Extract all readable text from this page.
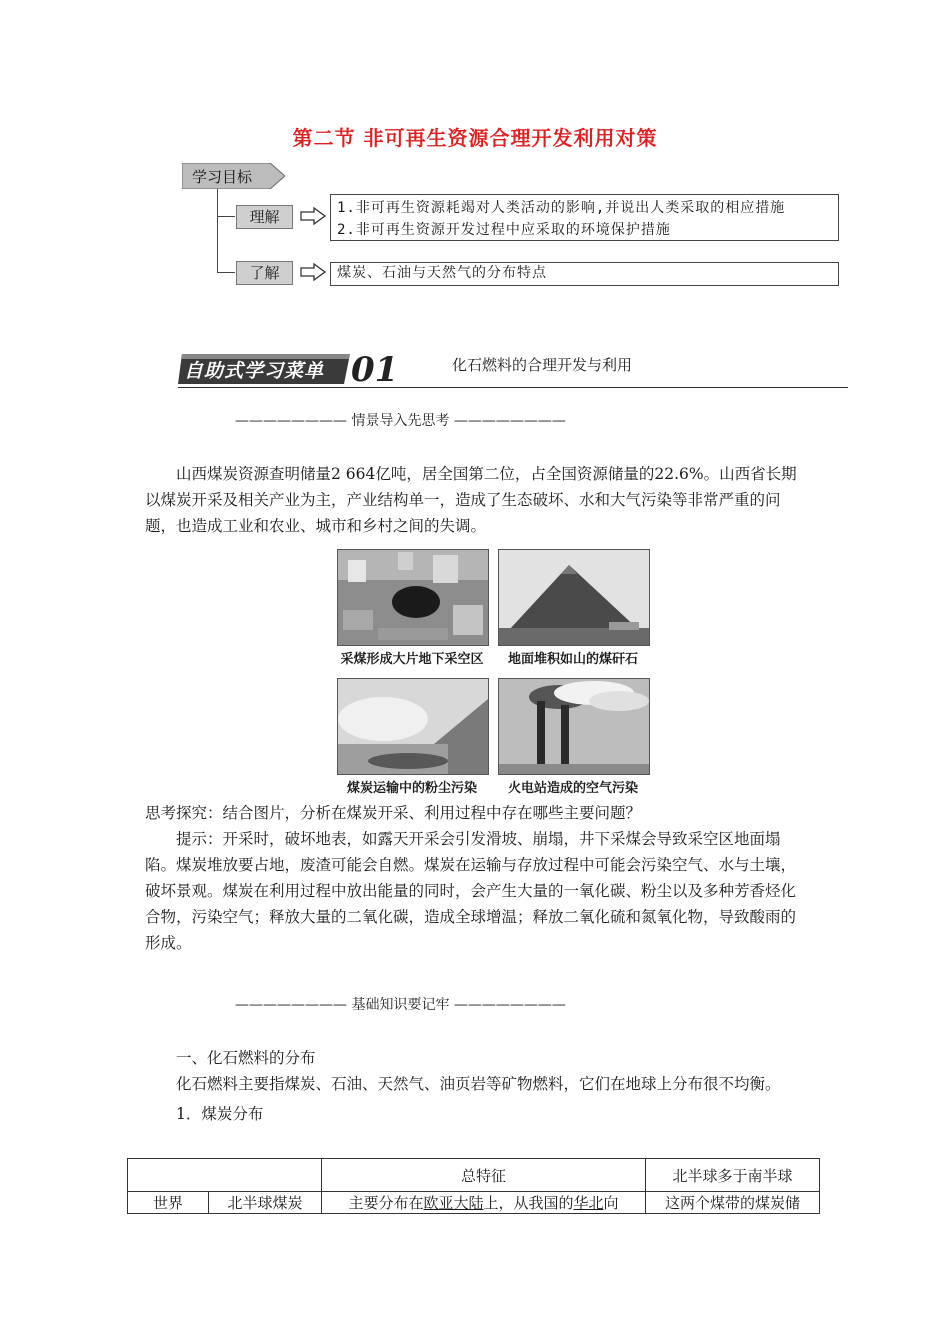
第二节 非可再生资源合理开发利用对策
学习目标
理解	1.非可再生资源耗竭对人类活动的影响,并说出人类采取的相应措施
2.非可再生资源开发过程中应采取的环境保护措施
了解	煤炭、石油与天然气的分布特点
自助式学习菜单 01	化石燃料的合理开发与利用
———————— 情景导入先思考 ————————

山西煤炭资源查明储量2 664亿吨，居全国第二位，占全国资源储量的22.6%。山西省长期以煤炭开采及相关产业为主，产业结构单一，造成了生态破坏、水和大气污染等非常严重的问题，也造成工业和农业、城市和乡村之间的失调。

采煤形成大片地下采空区	地面堆积如山的煤矸石
煤炭运输中的粉尘污染	火电站造成的空气污染

思考探究：结合图片，分析在煤炭开采、利用过程中存在哪些主要问题？

提示：开采时，破坏地表，如露天开采会引发滑坡、崩塌，井下采煤会导致采空区地面塌陷。煤炭堆放要占地，废渣可能会自燃。煤炭在运输与存放过程中可能会污染空气、水与土壤，破坏景观。煤炭在利用过程中放出能量的同时，会产生大量的一氧化碳、粉尘以及多种芳香烃化合物，污染空气；释放大量的二氧化碳，造成全球增温；释放二氧化硫和氮氧化物，导致酸雨的形成。

———————— 基础知识要记牢 ————————

一、化石燃料的分布

化石燃料主要指煤炭、石油、天然气、油页岩等矿物燃料，它们在地球上分布很不均衡。

1．煤炭分布

		总特征	北半球多于南半球
世界	北半球煤炭	主要分布在欧亚大陆上，从我国的华北向	这两个煤带的煤炭储
